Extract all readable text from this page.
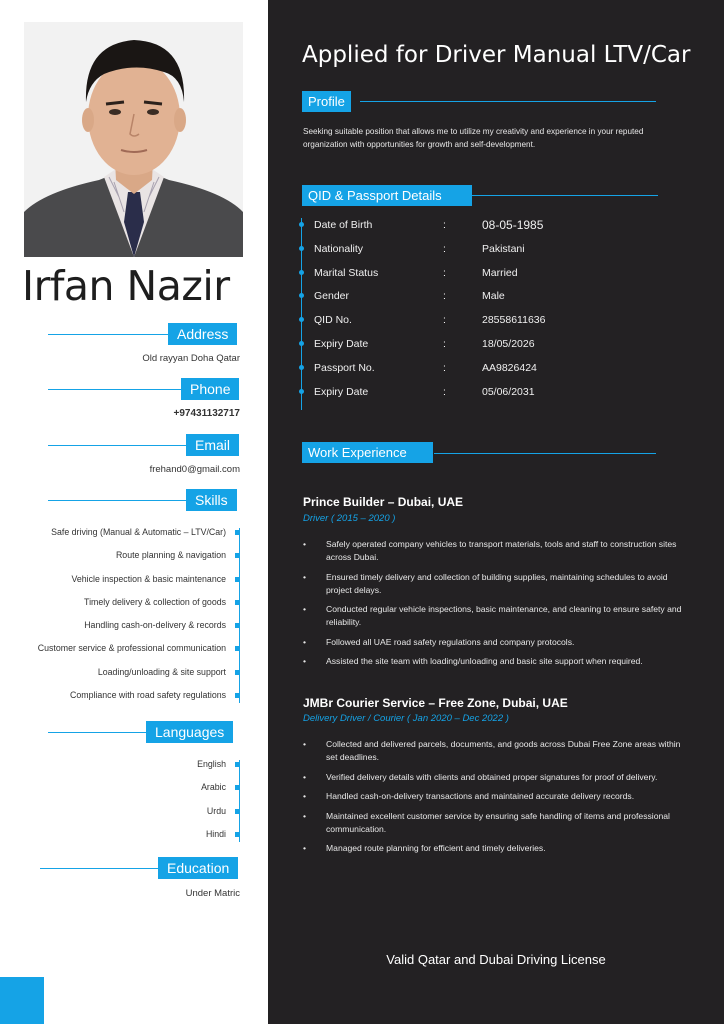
Irfan Nazir
Address
Old rayyan Doha Qatar
Phone
+97431132717
Email
frehand0@gmail.com
Skills
Safe driving (Manual & Automatic – LTV/Car)
Route planning & navigation
Vehicle inspection & basic maintenance
Timely delivery & collection of goods
Handling cash-on-delivery & records
Customer service & professional communication
Loading/unloading & site support
Compliance with road safety regulations
Languages
English
Arabic
Urdu
Hindi
Education
Under Matric
Applied for Driver Manual LTV/Car
Profile
Seeking suitable position that allows me to utilize my creativity and experience in your reputed organization with opportunities for growth and self-development.
QID & Passport Details
Date of Birth	:	08-05-1985
Nationality	:	Pakistani
Marital Status	:	Married
Gender	:	Male
QID No.	:	28558611636
Expiry Date	:	18/05/2026
Passport No.	:	AA9826424
Expiry Date	:	05/06/2031
Work Experience
Prince Builder – Dubai, UAE
Driver ( 2015 – 2020 )
• Safely operated company vehicles to transport materials, tools and staff to construction sites across Dubai.
• Ensured timely delivery and collection of building supplies, maintaining schedules to avoid project delays.
• Conducted regular vehicle inspections, basic maintenance, and cleaning to ensure safety and reliability.
• Followed all UAE road safety regulations and company protocols.
• Assisted the site team with loading/unloading and basic site support when required.
JMBr Courier Service – Free Zone, Dubai, UAE
Delivery Driver / Courier ( Jan 2020 – Dec 2022 )
• Collected and delivered parcels, documents, and goods across Dubai Free Zone areas within set deadlines.
• Verified delivery details with clients and obtained proper signatures for proof of delivery.
• Handled cash-on-delivery transactions and maintained accurate delivery records.
• Maintained excellent customer service by ensuring safe handling of items and professional communication.
• Managed route planning for efficient and timely deliveries.
Valid Qatar and Dubai Driving License
